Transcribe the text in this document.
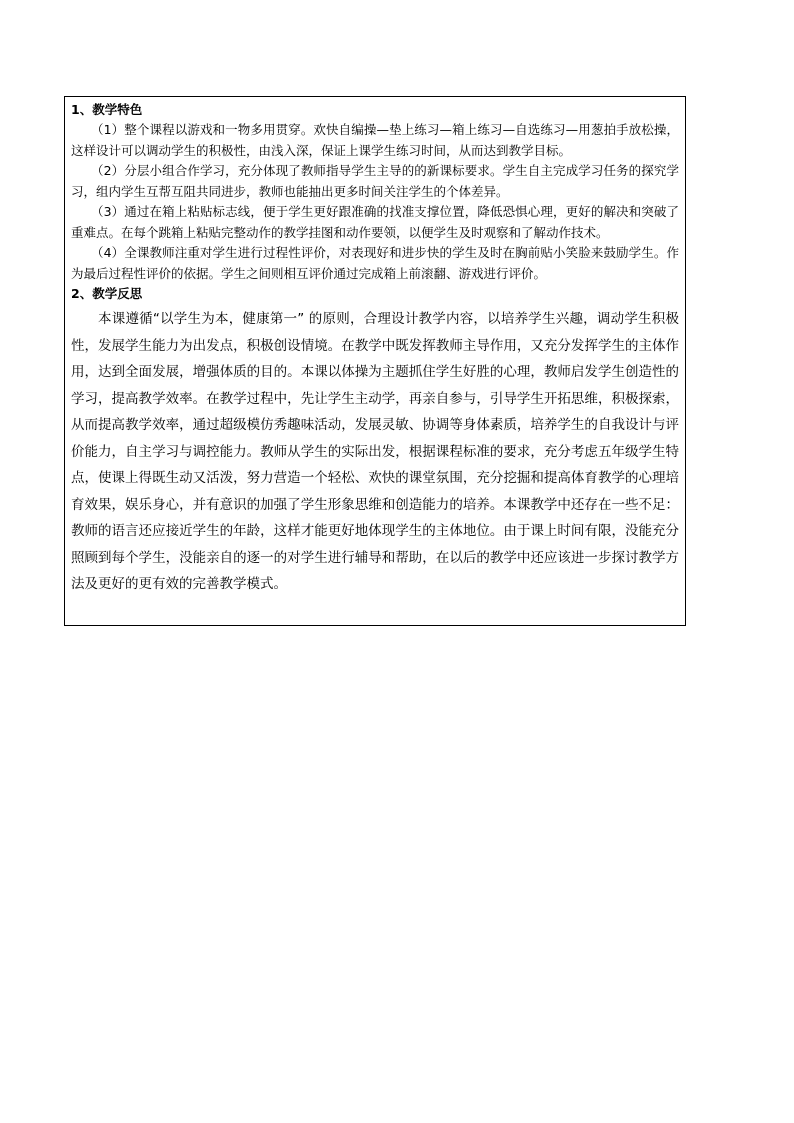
1、教学特色

（1）整个课程以游戏和一物多用贯穿。欢快自编操—垫上练习—箱上练习—自选练习—用葱拍手放松操，这样设计可以调动学生的积极性，由浅入深，保证上课学生练习时间，从而达到教学目标。

（2）分层小组合作学习，充分体现了教师指导学生主导的的新课标要求。学生自主完成学习任务的探究学习，组内学生互帮互阻共同进步，教师也能抽出更多时间关注学生的个体差异。

（3）通过在箱上粘贴标志线，便于学生更好跟准确的找准支撑位置，降低恐惧心理，更好的解决和突破了重难点。在每个跳箱上粘贴完整动作的教学挂图和动作要领，以便学生及时观察和了解动作技术。

（4）全课教师注重对学生进行过程性评价，对表现好和进步快的学生及时在胸前贴小笑脸来鼓励学生。作为最后过程性评价的依据。学生之间则相互评价通过完成箱上前滚翻、游戏进行评价。

2、教学反思

本课遵循“以学生为本，健康第一” 的原则，合理设计教学内容，以培养学生兴趣，调动学生积极性，发展学生能力为出发点，积极创设情境。在教学中既发挥教师主导作用，又充分发挥学生的主体作用，达到全面发展，增强体质的目的。本课以体操为主题抓住学生好胜的心理，教师启发学生创造性的学习，提高教学效率。在教学过程中，先让学生主动学，再亲自参与，引导学生开拓思维，积极探索，从而提高教学效率，通过超级模仿秀趣味活动，发展灵敏、协调等身体素质，培养学生的自我设计与评价能力，自主学习与调控能力。教师从学生的实际出发，根据课程标准的要求，充分考虑五年级学生特点，使课上得既生动又活泼，努力营造一个轻松、欢快的课堂氛围，充分挖掘和提高体育教学的心理培育效果，娱乐身心，并有意识的加强了学生形象思维和创造能力的培养。本课教学中还存在一些不足：教师的语言还应接近学生的年龄，这样才能更好地体现学生的主体地位。由于课上时间有限，没能充分照顾到每个学生，没能亲自的逐一的对学生进行辅导和帮助，在以后的教学中还应该进一步探讨教学方法及更好的更有效的完善教学模式。
